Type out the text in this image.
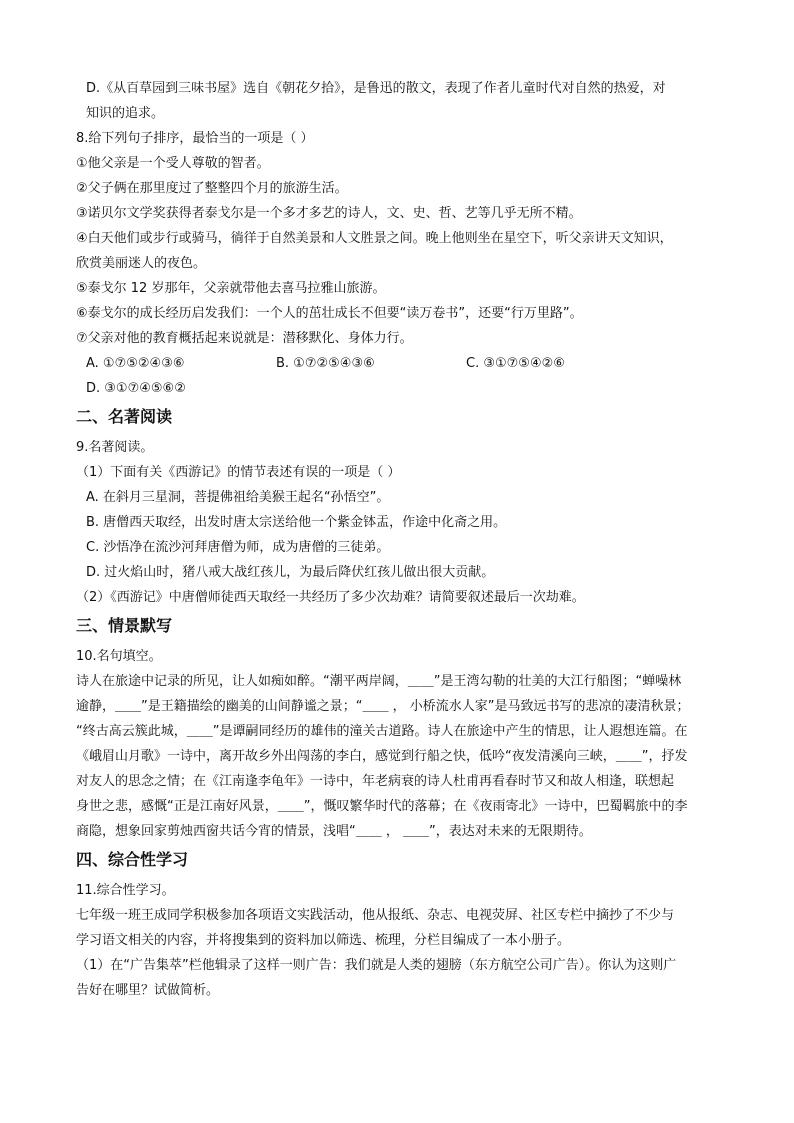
D.《从百草园到三味书屋》选自《朝花夕拾》，是鲁迅的散文，表现了作者儿童时代对自然的热爱，对

知识的追求。

8.给下列句子排序，最恰当的一项是（ ）

①他父亲是一个受人尊敬的智者。

②父子俩在那里度过了整整四个月的旅游生活。

③诺贝尔文学奖获得者泰戈尔是一个多才多艺的诗人，文、史、哲、艺等几乎无所不精。

④白天他们或步行或骑马，徜徉于自然美景和人文胜景之间。晚上他则坐在星空下，听父亲讲天文知识，

欣赏美丽迷人的夜色。

⑤泰戈尔 12 岁那年，父亲就带他去喜马拉雅山旅游。

⑥泰戈尔的成长经历启发我们：一个人的茁壮成长不但要“读万卷书”，还要“行万里路”。

⑦父亲对他的教育概括起来说就是：潜移默化、身体力行。

A. ①⑦⑤②④③⑥	B. ①⑦②⑤④③⑥	C. ③①⑦⑤④②⑥

D. ③①⑦④⑤⑥②

二、名著阅读

9.名著阅读。

（1）下面有关《西游记》的情节表述有误的一项是（ ）

A. 在斜月三星洞，菩提佛祖给美猴王起名“孙悟空”。

B. 唐僧西天取经，出发时唐太宗送给他一个紫金钵盂，作途中化斋之用。

C. 沙悟净在流沙河拜唐僧为师，成为唐僧的三徒弟。

D. 过火焰山时，猪八戒大战红孩儿，为最后降伏红孩儿做出很大贡献。

（2）《西游记》中唐僧师徒西天取经一共经历了多少次劫难？请简要叙述最后一次劫难。

三、情景默写

10.名句填空。

诗人在旅途中记录的所见，让人如痴如醉。“潮平两岸阔，＿＿”是王湾勾勒的壮美的大江行船图；“蝉噪林

逾静，＿＿”是王籍描绘的幽美的山间静谧之景；“＿＿ ， 小桥流水人家”是马致远书写的悲凉的凄清秋景；

“终古高云簇此城，＿＿”是谭嗣同经历的雄伟的潼关古道路。诗人在旅途中产生的情思，让人遐想连篇。在

《峨眉山月歌》一诗中，离开故乡外出闯荡的李白，感觉到行船之快，低吟“夜发清溪向三峡，＿＿”，抒发

对友人的思念之情；在《江南逢李龟年》一诗中，年老病衰的诗人杜甫再看春时节又和故人相逢，联想起

身世之悲，感慨“正是江南好风景，＿＿”，慨叹繁华时代的落幕；在《夜雨寄北》一诗中，巴蜀羁旅中的李

商隐，想象回家剪烛西窗共话今宵的情景，浅唱“＿＿ ， ＿＿”，表达对未来的无限期待。

四、综合性学习

11.综合性学习。

七年级一班王成同学积极参加各项语文实践活动，他从报纸、杂志、电视荧屏、社区专栏中摘抄了不少与

学习语文相关的内容，并将搜集到的资料加以筛选、梳理，分栏目编成了一本小册子。

（1）在“广告集萃”栏他辑录了这样一则广告：我们就是人类的翅膀（东方航空公司广告）。你认为这则广

告好在哪里？试做简析。
